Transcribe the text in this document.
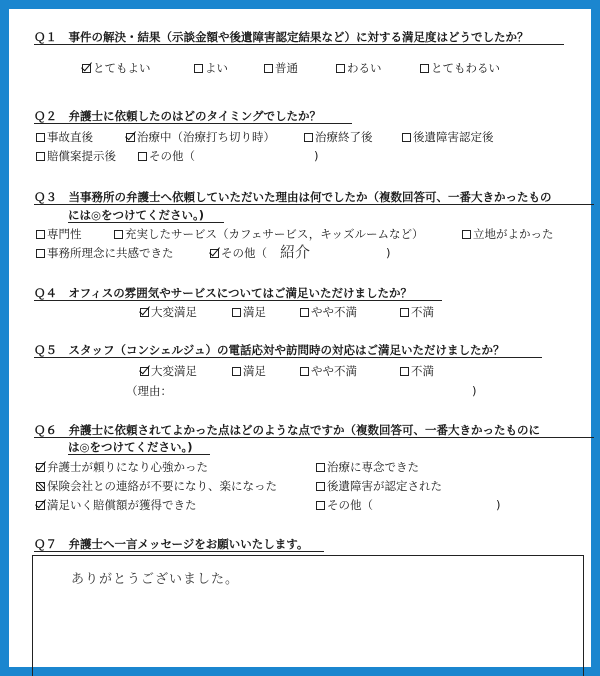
Ｑ１　事件の解決・結果（示談金額や後遺障害認定結果など）に対する満足度はどうでしたか？
とてもよい	よい	普通	わるい	とてもわるい
Ｑ２　弁護士に依頼したのはどのタイミングでしたか？
事故直後	治療中（治療打ち切り時）	治療終了後	後遺障害認定後
賠償案提示後	その他（	)
Ｑ３　当事務所の弁護士へ依頼していただいた理由は何でしたか（複数回答可、一番大きかったもの
には◎をつけてください。)
専門性	充実したサービス（カフェサービス，キッズルームなど）	立地がよかった
事務所理念に共感できた	その他（ 紹介	)
Ｑ４　オフィスの雰囲気やサービスについてはご満足いただけましたか？
大変満足	満足	やや不満	不満
Ｑ５　スタッフ（コンシェルジュ）の電話応対や訪問時の対応はご満足いただけましたか？
大変満足	満足	やや不満	不満
（理由：	)
Ｑ６　弁護士に依頼されてよかった点はどのような点ですか（複数回答可、一番大きかったものに
は◎をつけてください。)
弁護士が頼りになり心強かった	治療に専念できた
保険会社との連絡が不要になり、楽になった	後遺障害が認定された
満足いく賠償額が獲得できた	その他（	)
Ｑ７　弁護士へ一言メッセージをお願いいたします。
ありがとうございました。
